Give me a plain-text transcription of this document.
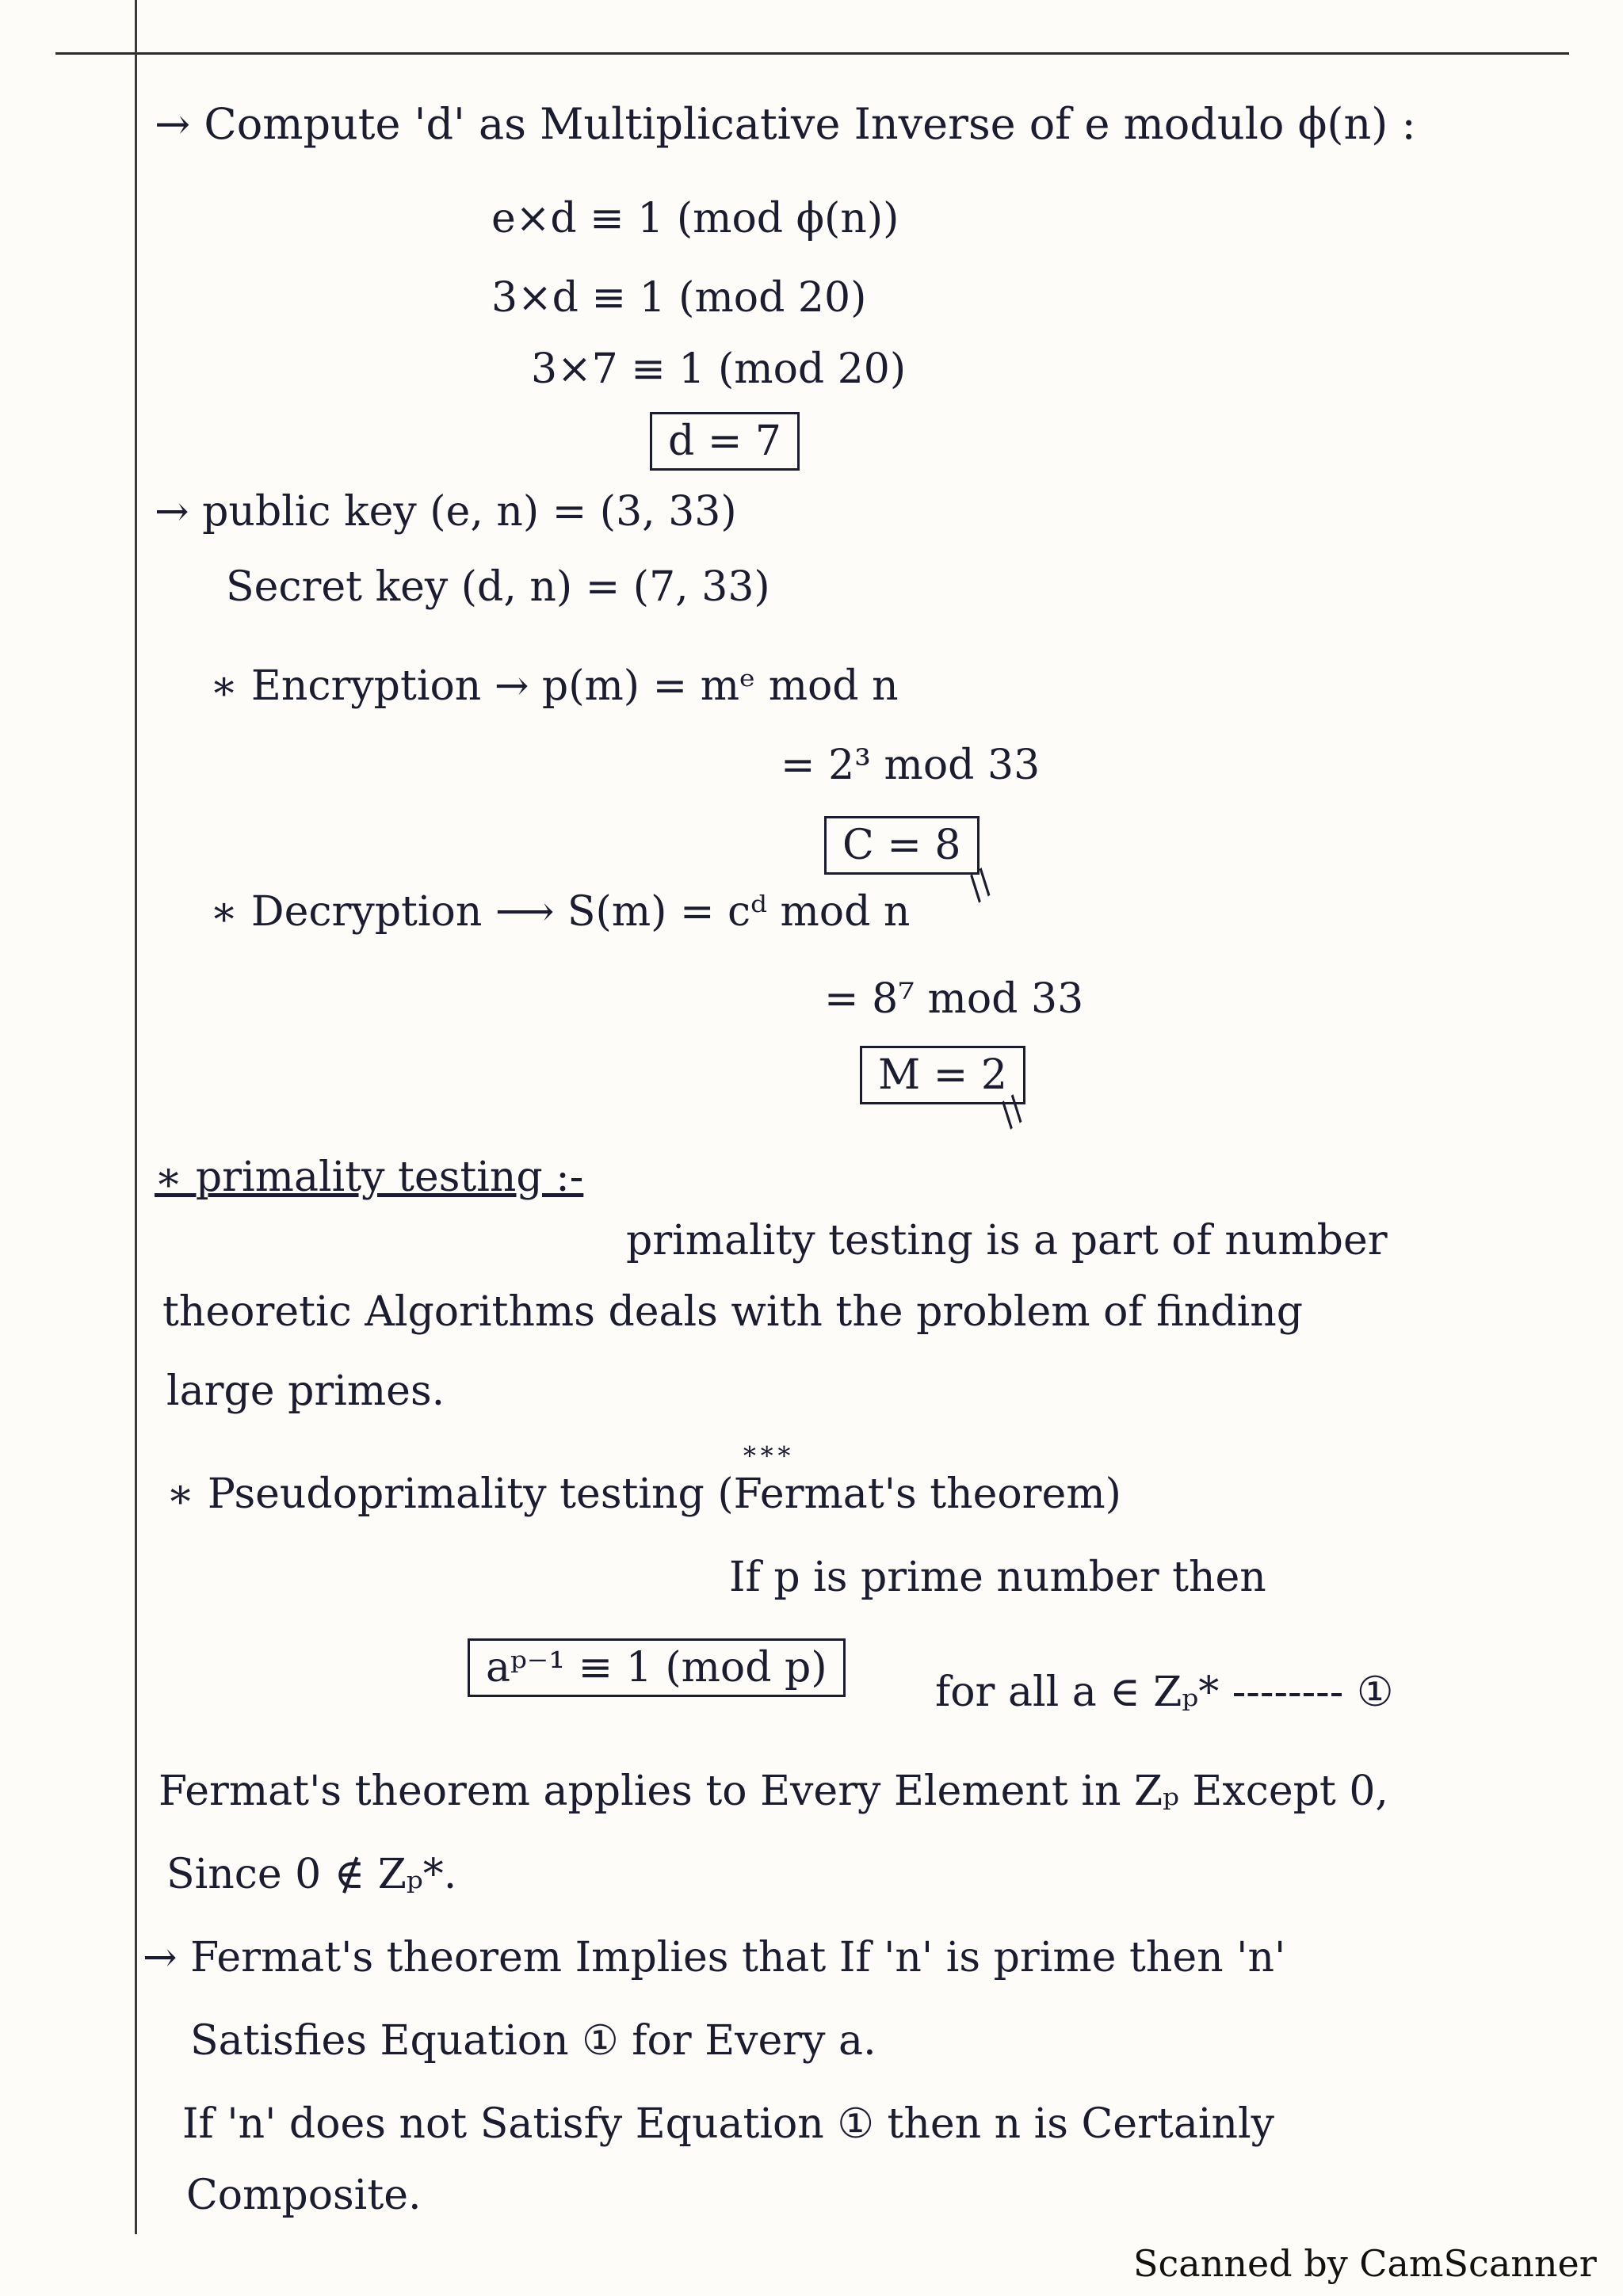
→ Compute 'd' as Multiplicative Inverse of e modulo ϕ(n) :
e×d ≡ 1 (mod ϕ(n))
3×d ≡ 1 (mod 20)
3×7 ≡ 1 (mod 20)
d = 7
→ public key (e, n) = (3, 33)
Secret key (d, n) = (7, 33)
∗ Encryption → p(m) = mᵉ mod n
= 2³ mod 33
C = 8
//
∗ Decryption ⟶ S(m) = cᵈ mod n
= 8⁷ mod 33
M = 2
//
∗ primality testing :-
primality testing is a part of number
theoretic Algorithms deals with the problem of finding
large primes.
∗∗∗
∗ Pseudoprimality testing (Fermat's theorem)
If p is prime number then
aᵖ⁻¹ ≡ 1 (mod p)
for all a ∈ Zₚ* -------- ①
Fermat's theorem applies to Every Element in Zₚ Except 0,
Since 0 ∉ Zₚ*.
→ Fermat's theorem Implies that If 'n' is prime then 'n'
Satisfies Equation ① for Every a.
If 'n' does not Satisfy Equation ① then n is Certainly
Composite.
Scanned by CamScanner
